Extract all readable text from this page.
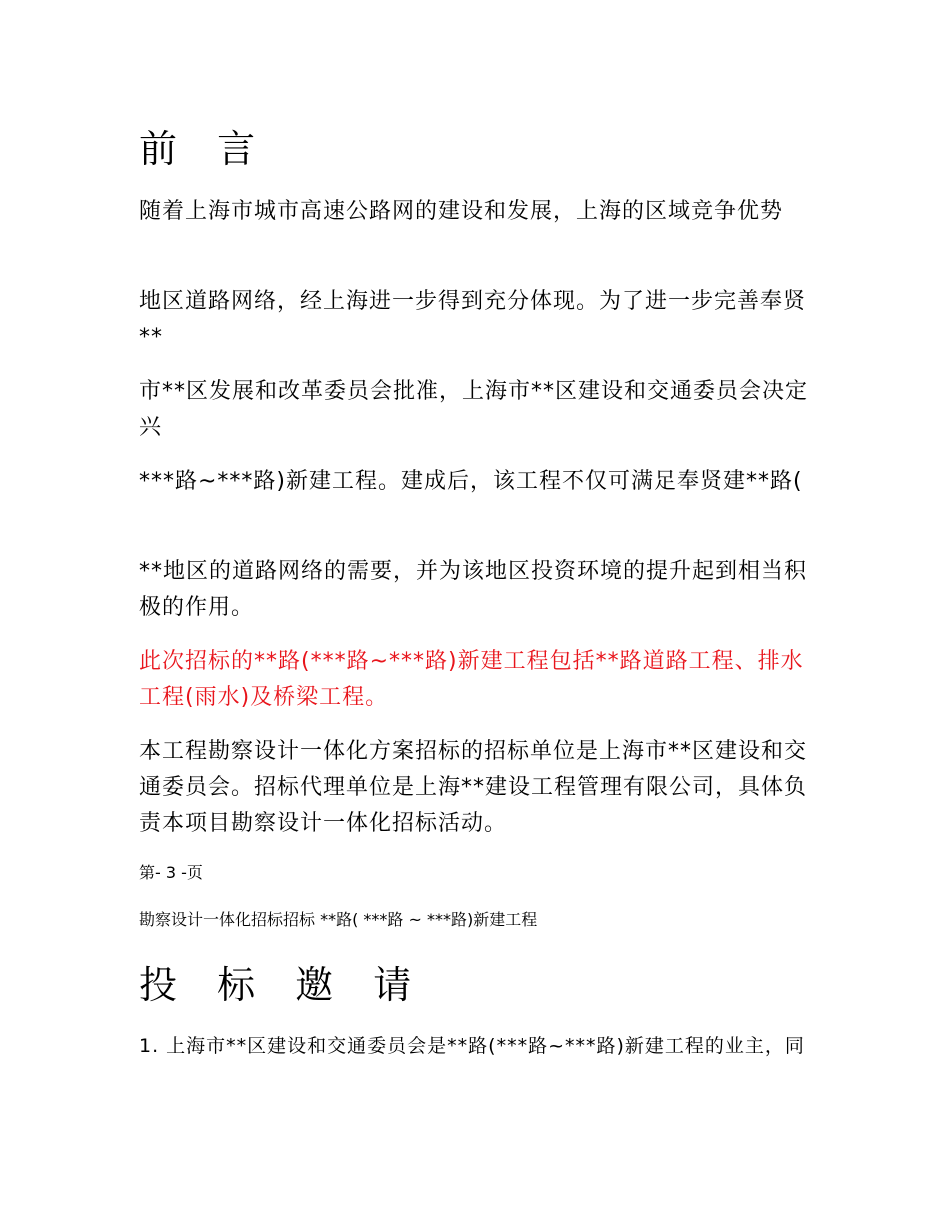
前 言

随着上海市城市高速公路网的建设和发展，上海的区域竞争优势

地区道路网络，经上海进一步得到充分体现。为了进一步完善奉贤**

市**区发展和改革委员会批准，上海市**区建设和交通委员会决定兴

***路~***路)新建工程。建成后，该工程不仅可满足奉贤建**路(

**地区的道路网络的需要，并为该地区投资环境的提升起到相当积极的作用。

此次招标的**路(***路~***路)新建工程包括**路道路工程、排水工程(雨水)及桥梁工程。

本工程勘察设计一体化方案招标的招标单位是上海市**区建设和交通委员会。招标代理单位是上海**建设工程管理有限公司，具体负责本项目勘察设计一体化招标活动。

第- 3 -页

勘察设计一体化招标招标 **路( ***路 ~ ***路)新建工程

投 标 邀 请

1. 上海市**区建设和交通委员会是**路(***路~***路)新建工程的业主，同
